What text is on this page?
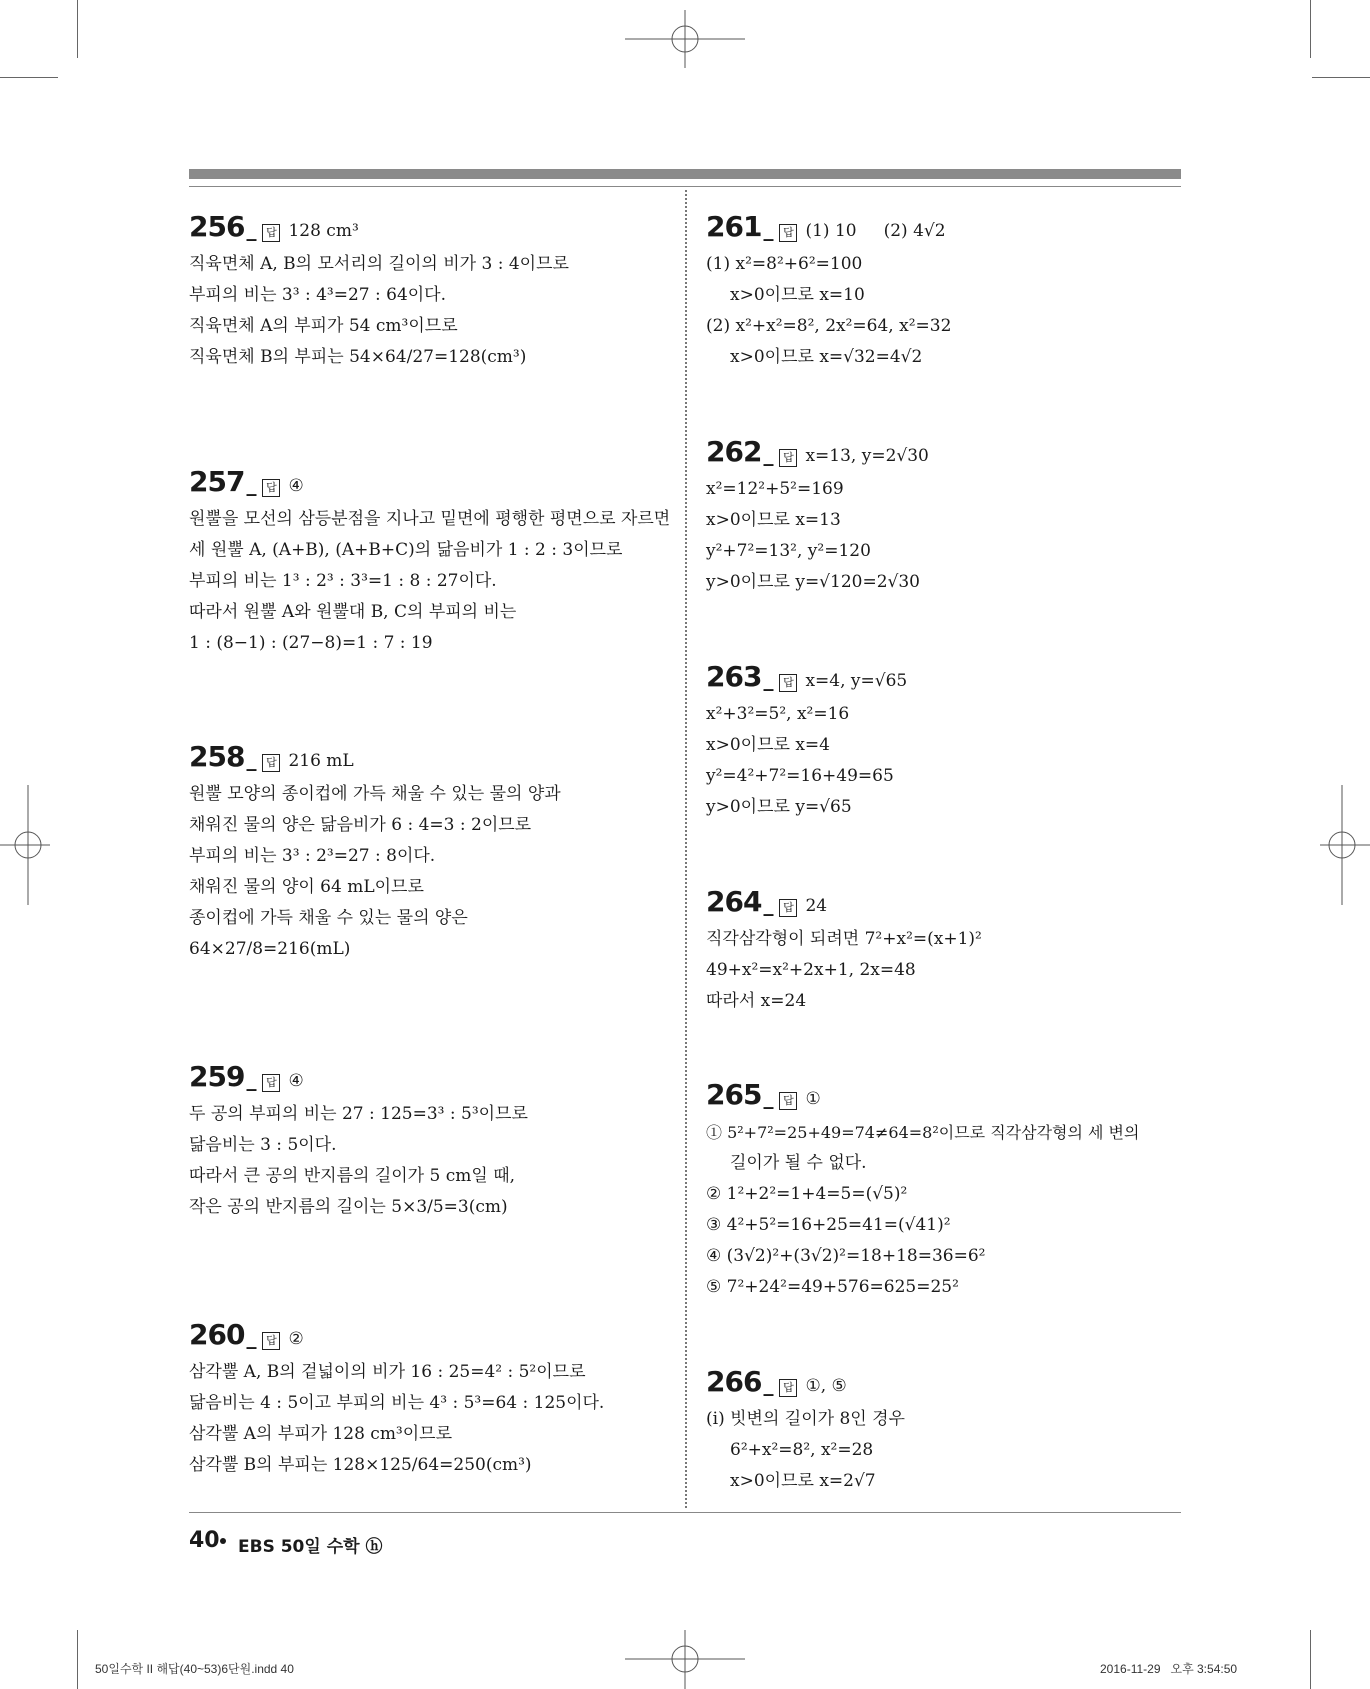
256 _ 답 128 cm³
직육면체 A, B의 모서리의 길이의 비가 3 : 4이므로
부피의 비는 3³ : 4³=27 : 64이다.
직육면체 A의 부피가 54 cm³이므로
직육면체 B의 부피는 54×64/27=128(cm³)
257 _ 답 ④
원뿔을 모선의 삼등분점을 지나고 밑면에 평행한 평면으로 자르면
세 원뿔 A, (A+B), (A+B+C)의 닮음비가 1 : 2 : 3이므로
부피의 비는 1³ : 2³ : 3³=1 : 8 : 27이다.
따라서 원뿔 A와 원뿔대 B, C의 부피의 비는
1 : (8−1) : (27−8)=1 : 7 : 19
258 _ 답 216 mL
원뿔 모양의 종이컵에 가득 채울 수 있는 물의 양과
채워진 물의 양은 닮음비가 6 : 4=3 : 2이므로
부피의 비는 3³ : 2³=27 : 8이다.
채워진 물의 양이 64 mL이므로
종이컵에 가득 채울 수 있는 물의 양은
64×27/8=216(mL)
259 _ 답 ④
두 공의 부피의 비는 27 : 125=3³ : 5³이므로
닮음비는 3 : 5이다.
따라서 큰 공의 반지름의 길이가 5 cm일 때,
작은 공의 반지름의 길이는 5×3/5=3(cm)
260 _ 답 ②
삼각뿔 A, B의 겉넓이의 비가 16 : 25=4² : 5²이므로
닮음비는 4 : 5이고 부피의 비는 4³ : 5³=64 : 125이다.
삼각뿔 A의 부피가 128 cm³이므로
삼각뿔 B의 부피는 128×125/64=250(cm³)
261 _ 답 (1) 10     (2) 4√2
(1) x²=8²+6²=100
x>0이므로 x=10
(2) x²+x²=8², 2x²=64, x²=32
x>0이므로 x=√32=4√2
262 _ 답 x=13, y=2√30
x²=12²+5²=169
x>0이므로 x=13
y²+7²=13², y²=120
y>0이므로 y=√120=2√30
263 _ 답 x=4, y=√65
x²+3²=5², x²=16
x>0이므로 x=4
y²=4²+7²=16+49=65
y>0이므로 y=√65
264 _ 답 24
직각삼각형이 되려면 7²+x²=(x+1)²
49+x²=x²+2x+1, 2x=48
따라서 x=24
265 _ 답 ①
① 5²+7²=25+49=74≠64=8²이므로 직각삼각형의 세 변의
길이가 될 수 없다.
② 1²+2²=1+4=5=(√5)²
③ 4²+5²=16+25=41=(√41)²
④ (3√2)²+(3√2)²=18+18=36=6²
⑤ 7²+24²=49+576=625=25²
266 _ 답 ①, ⑤
(ⅰ) 빗변의 길이가 8인 경우
6²+x²=8², x²=28
x>0이므로 x=2√7
40 EBS 50일 수학 ⓗ
50일수학 II 해답(40~53)6단원.indd 40	2016-11-29   오후 3:54:50
